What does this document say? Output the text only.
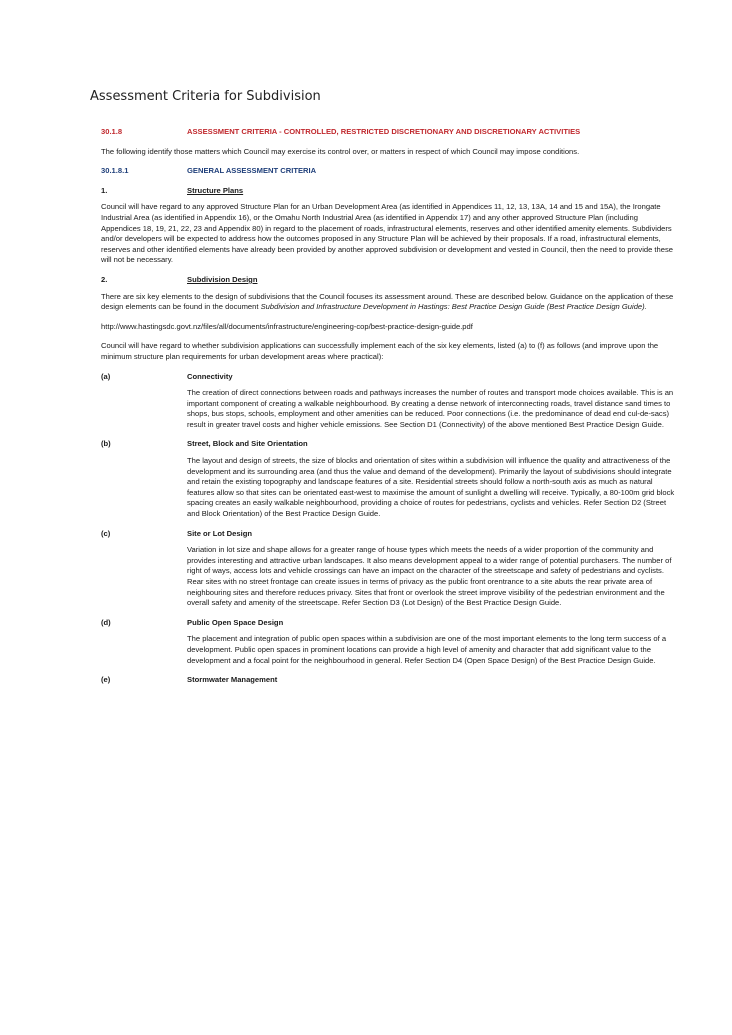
Assessment Criteria for Subdivision
30.1.8	ASSESSMENT CRITERIA - CONTROLLED, RESTRICTED DISCRETIONARY AND DISCRETIONARY ACTIVITIES

The following identify those matters which Council may exercise its control over, or matters in respect of which Council may impose conditions.

30.1.8.1	GENERAL ASSESSMENT CRITERIA
1.	Structure Plans

Council will have regard to any approved Structure Plan for an Urban Development Area (as identified in Appendices 11, 12, 13, 13A, 14 and 15 and 15A), the Irongate Industrial Area (as identified in Appendix 16), or the Omahu North Industrial Area (as identified in Appendix 17) and any other approved Structure Plan (including Appendices 18, 19, 21, 22, 23 and Appendix 80) in regard to the placement of roads, infrastructural elements, reserves and other identified amenity elements. Subdividers and/or developers will be expected to address how the outcomes proposed in any Structure Plan will be achieved by their proposals. If a road, infrastructural elements, reserves and other identified elements have already been provided by another approved subdivision or development and vested in Council, then the need to provide these will not be necessary.

2.	Subdivision Design

There are six key elements to the design of subdivisions that the Council focuses its assessment around. These are described below. Guidance on the application of these design elements can be found in the document Subdivision and Infrastructure Development in Hastings: Best Practice Design Guide (Best Practice Design Guide).

http://www.hastingsdc.govt.nz/files/all/documents/infrastructure/engineering-cop/best-practice-design-guide.pdf

Council will have regard to whether subdivision applications can successfully implement each of the six key elements, listed (a) to (f) as follows (and improve upon the minimum structure plan requirements for urban development areas where practical):

(a)	Connectivity

The creation of direct connections between roads and pathways increases the number of routes and transport mode choices available. This is an important component of creating a walkable neighbourhood. By creating a dense network of interconnecting roads, travel distance sand times to shops, bus stops, schools, employment and other amenities can be reduced. Poor connections (i.e. the predominance of dead end cul-de-sacs) result in greater travel costs and higher vehicle emissions. See Section D1 (Connectivity) of the above mentioned Best Practice Design Guide.

(b)	Street, Block and Site Orientation

The layout and design of streets, the size of blocks and orientation of sites within a subdivision will influence the quality and attractiveness of the development and its surrounding area (and thus the value and demand of the development). Primarily the layout of subdivisions should integrate and retain the existing topography and landscape features of a site. Residential streets should follow a north-south axis as much as natural features allow so that sites can be orientated east-west to maximise the amount of sunlight a dwelling will receive. Typically, a 80-100m grid block spacing creates an easily walkable neighbourhood, providing a choice of routes for pedestrians, cyclists and vehicles. Refer Section D2 (Street and Block Orientation) of the Best Practice Design Guide.

(c)	Site or Lot Design

Variation in lot size and shape allows for a greater range of house types which meets the needs of a wider proportion of the community and provides interesting and attractive urban landscapes. It also means development appeal to a wider range of potential purchasers. The number of right of ways, access lots and vehicle crossings can have an impact on the character of the streetscape and safety of pedestrians and cyclists. Rear sites with no street frontage can create issues in terms of privacy as the public front orentrance to a site abuts the rear private area of neighbouring sites and therefore reduces privacy. Sites that front or overlook the street improve visibility of the pedestrian environment and the overall safety and amenity of the streetscape. Refer Section D3 (Lot Design) of the Best Practice Design Guide.

(d)	Public Open Space Design

The placement and integration of public open spaces within a subdivision are one of the most important elements to the long term success of a development. Public open spaces in prominent locations can provide a high level of amenity and character that add significant value to the development and a focal point for the neighbourhood in general. Refer Section D4 (Open Space Design) of the Best Practice Design Guide.

(e)	Stormwater Management
